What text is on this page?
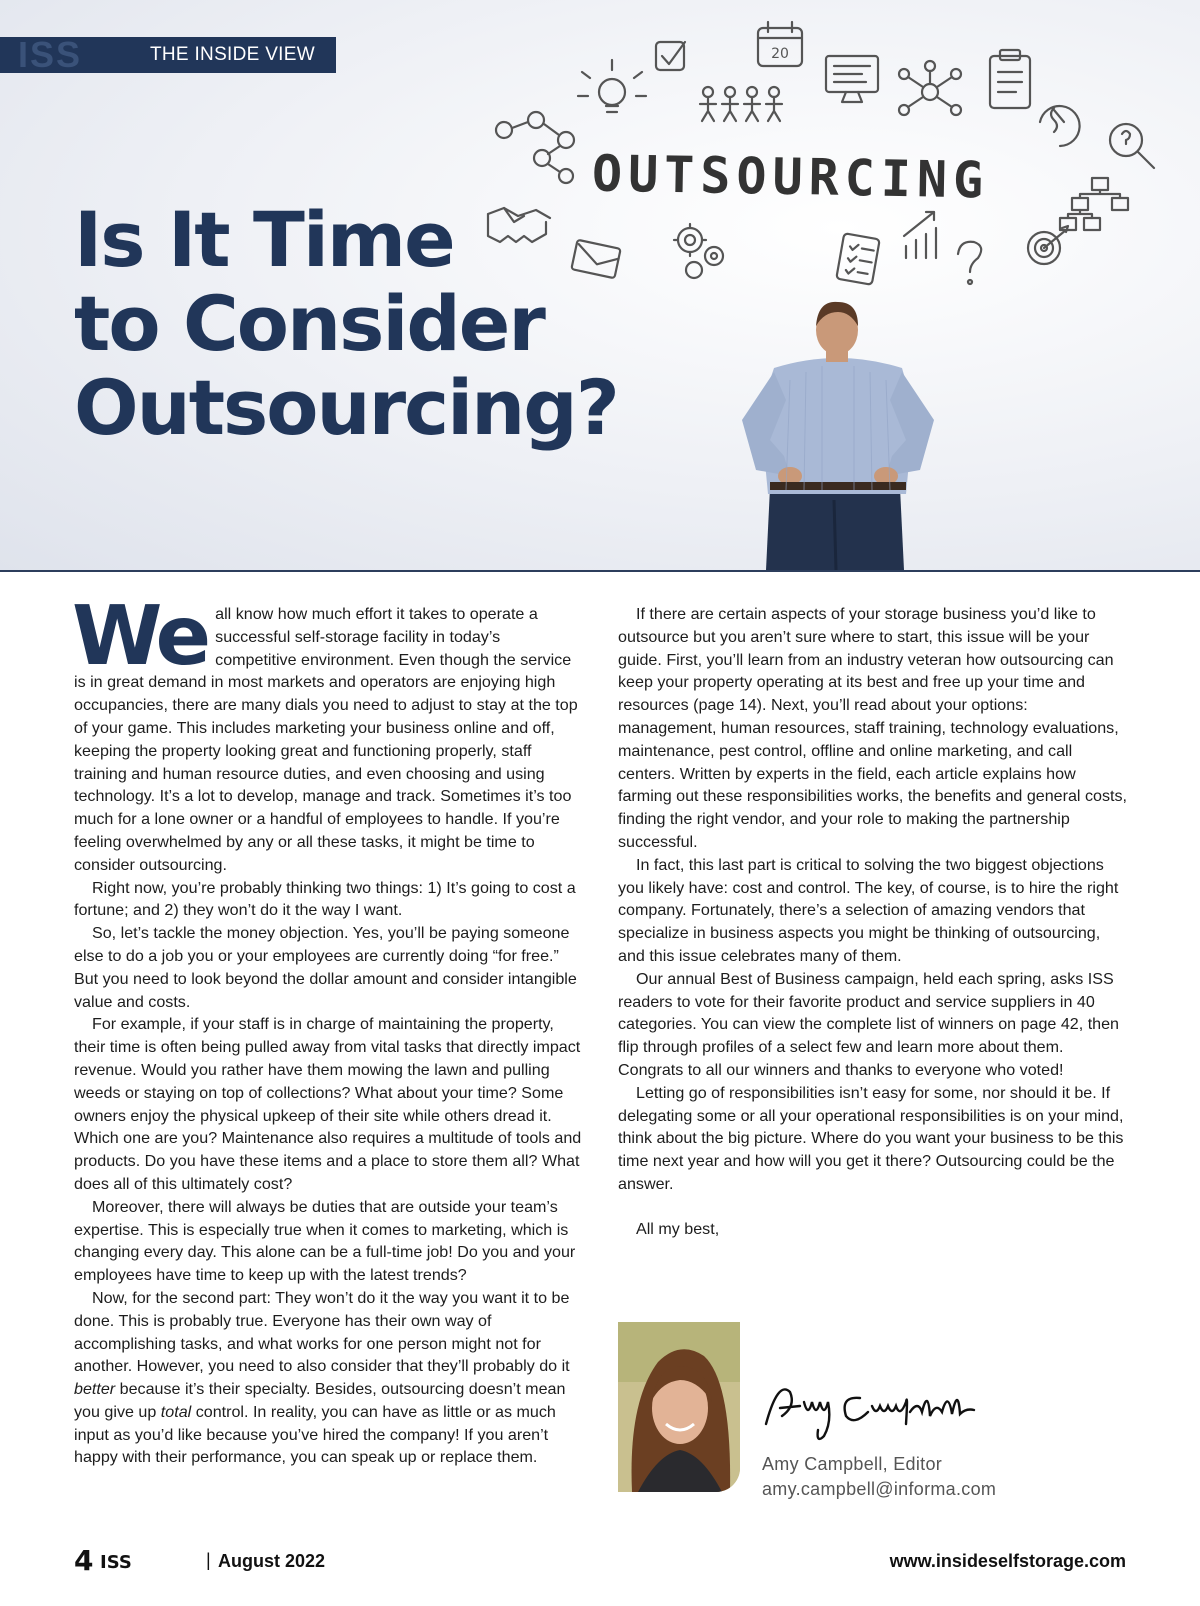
20
OUTSOURCING
ISS	THE INSIDE VIEW
Is It Time
to Consider
Outsourcing?

We all know how much effort it takes to operate a successful self-storage facility in today’s competitive environment. Even though the service is in great demand in most markets and operators are enjoying high occupancies, there are many dials you need to adjust to stay at the top of your game. This includes marketing your business online and off, keeping the property looking great and functioning properly, staff training and human resource duties, and even choosing and using technology. It’s a lot to develop, manage and track. Sometimes it’s too much for a lone owner or a handful of employees to handle. If you’re feeling overwhelmed by any or all these tasks, it might be time to consider outsourcing.

Right now, you’re probably thinking two things: 1) It’s going to cost a fortune; and 2) they won’t do it the way I want.

So, let’s tackle the money objection. Yes, you’ll be paying someone else to do a job you or your employees are currently doing “for free.” But you need to look beyond the dollar amount and consider intangible value and costs.

For example, if your staff is in charge of maintaining the property, their time is often being pulled away from vital tasks that directly impact revenue. Would you rather have them mowing the lawn and pulling weeds or staying on top of collections? What about your time? Some owners enjoy the physical upkeep of their site while others dread it. Which one are you? Maintenance also requires a multitude of tools and products. Do you have these items and a place to store them all? What does all of this ultimately cost?

Moreover, there will always be duties that are outside your team’s expertise. This is especially true when it comes to marketing, which is changing every day. This alone can be a full-time job! Do you and your employees have time to keep up with the latest trends?

Now, for the second part: They won’t do it the way you want it to be done. This is probably true. Everyone has their own way of accomplishing tasks, and what works for one person might not for another. However, you need to also consider that they’ll probably do it better because it’s their specialty. Besides, outsourcing doesn’t mean you give up total control. In reality, you can have as little or as much input as you’d like because you’ve hired the company! If you aren’t happy with their performance, you can speak up or replace them.

If there are certain aspects of your storage business you’d like to outsource but you aren’t sure where to start, this issue will be your guide. First, you’ll learn from an industry veteran how outsourcing can keep your property operating at its best and free up your time and resources (page 14). Next, you’ll read about your options: management, human resources, staff training, technology evaluations, maintenance, pest control, offline and online marketing, and call centers. Written by experts in the field, each article explains how farming out these responsibilities works, the benefits and general costs, finding the right vendor, and your role to making the partnership successful.

In fact, this last part is critical to solving the two biggest objections you likely have: cost and control. The key, of course, is to hire the right company. Fortunately, there’s a selection of amazing vendors that specialize in business aspects you might be thinking of outsourcing, and this issue celebrates many of them.

Our annual Best of Business campaign, held each spring, asks ISS readers to vote for their favorite product and service suppliers in 40 categories. You can view the complete list of winners on page 42, then flip through profiles of a select few and learn more about them. Congrats to all our winners and thanks to everyone who voted!

Letting go of responsibilities isn’t easy for some, nor should it be. If delegating some or all your operational responsibilities is on your mind, think about the big picture. Where do you want your business to be this time next year and how will you get it there? Outsourcing could be the answer.

All my best,

Amy Campbell, Editor
amy.campbell@informa.com
4 ISS	| August 2022	www.insideselfstorage.com
